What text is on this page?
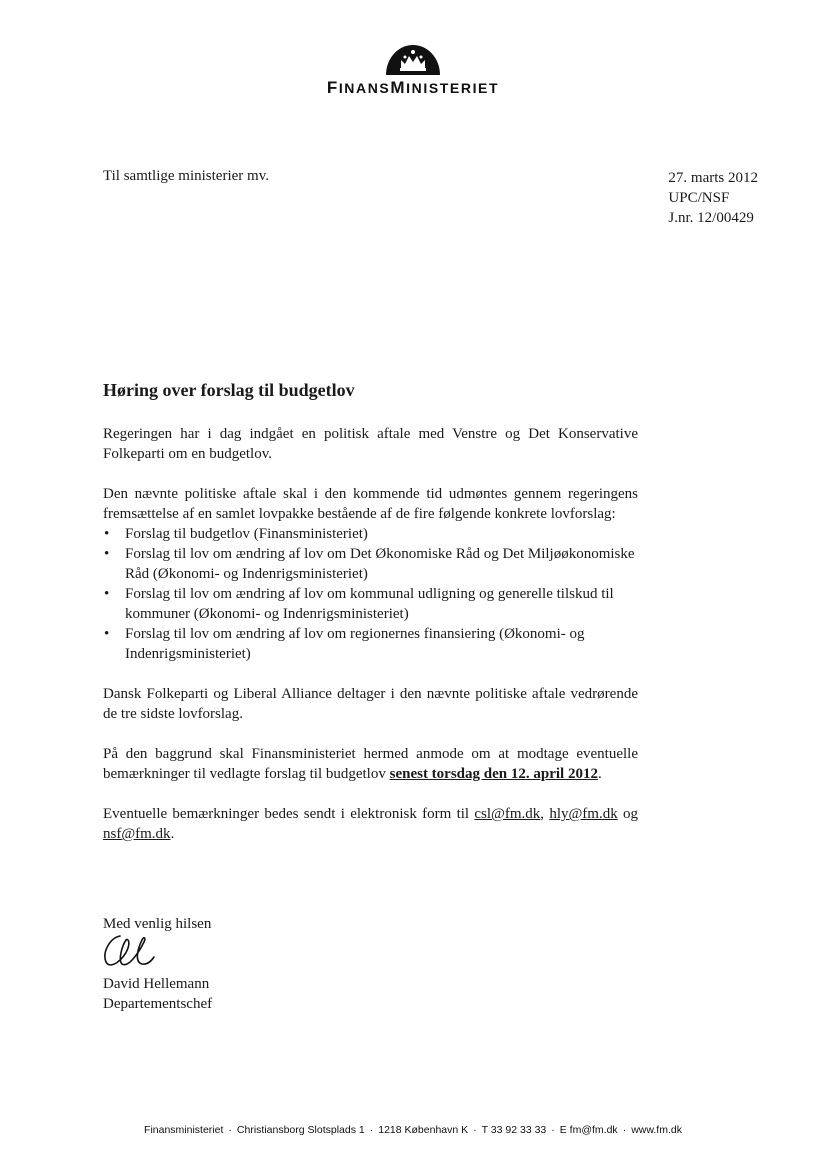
FINANSMINISTERIET
Til samtlige ministerier mv.	27. marts 2012
UPC/NSF
J.nr. 12/00429
Høring over forslag til budgetlov

Regeringen har i dag indgået en politisk aftale med Venstre og Det Konservative Folkeparti om en budgetlov.

Den nævnte politiske aftale skal i den kommende tid udmøntes gennem regeringens fremsættelse af en samlet lovpakke bestående af de fire følgende konkrete lovforslag:

• Forslag til budgetlov (Finansministeriet)
• Forslag til lov om ændring af lov om Det Økonomiske Råd og Det Miljøøkonomiske Råd (Økonomi- og Indenrigsministeriet)
• Forslag til lov om ændring af lov om kommunal udligning og generelle tilskud til kommuner (Økonomi- og Indenrigsministeriet)
• Forslag til lov om ændring af lov om regionernes finansiering (Økonomi- og Indenrigsministeriet)

Dansk Folkeparti og Liberal Alliance deltager i den nævnte politiske aftale vedrørende de tre sidste lovforslag.

På den baggrund skal Finansministeriet hermed anmode om at modtage eventuelle bemærkninger til vedlagte forslag til budgetlov senest torsdag den 12. april 2012.

Eventuelle bemærkninger bedes sendt i elektronisk form til csl@fm.dk, hly@fm.dk og nsf@fm.dk.

Med venlig hilsen
David Hellemann
Departementschef
Finansministeriet · Christiansborg Slotsplads 1 · 1218 København K · T 33 92 33 33 · E fm@fm.dk · www.fm.dk
